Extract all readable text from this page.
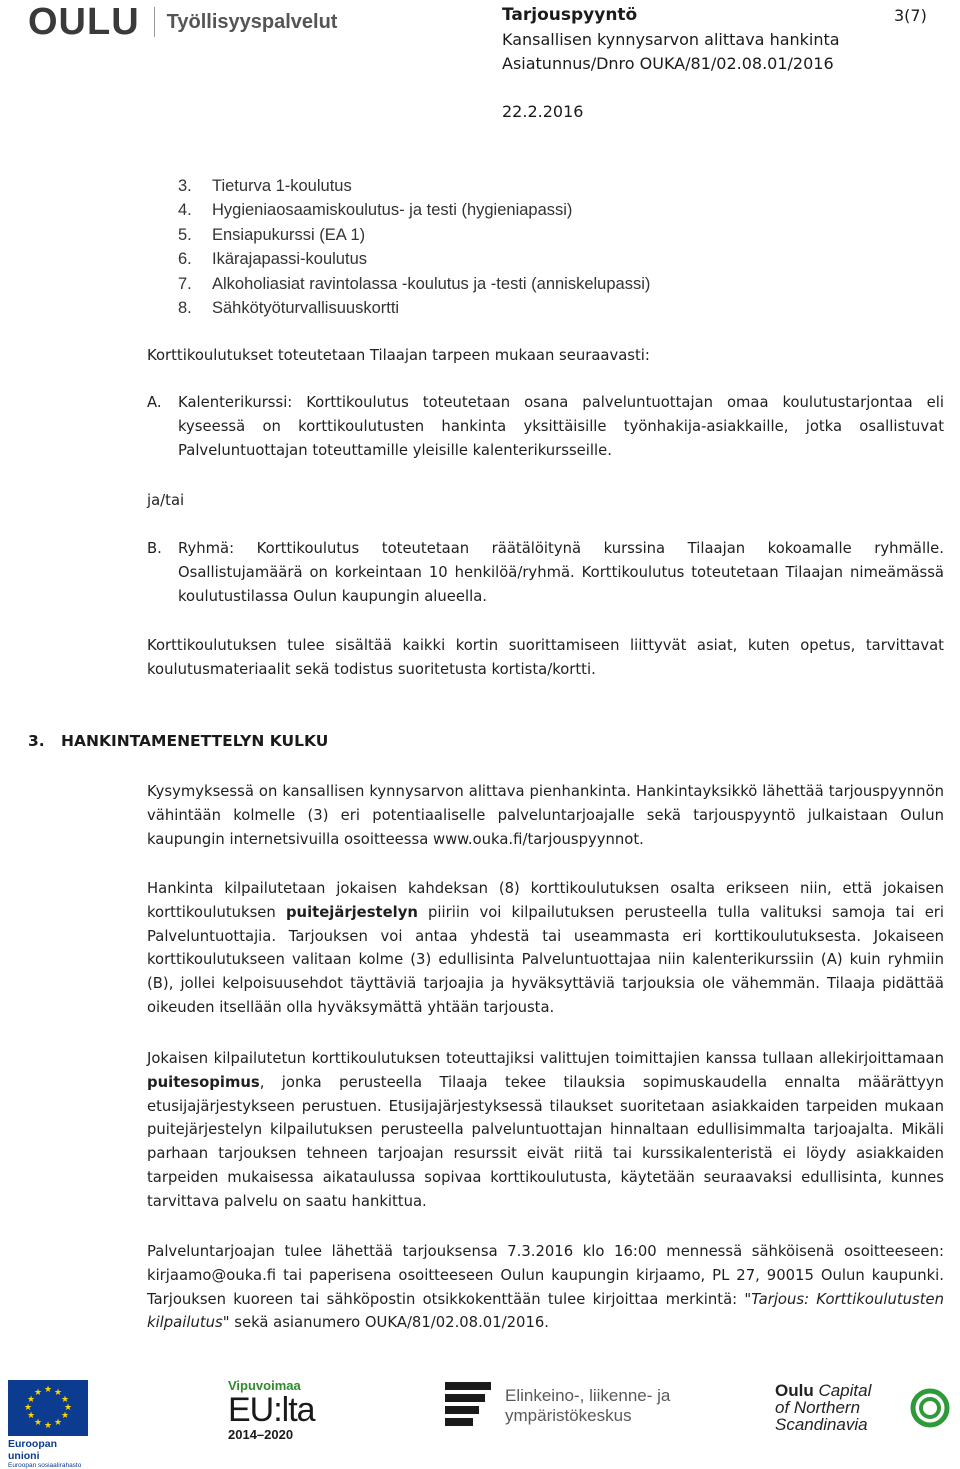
OULU Työllisyyspalvelut	Tarjouspyyntö	3(7)
Kansallisen kynnysarvon alittava hankinta
Asiatunnus/Dnro OUKA/81/02.08.01/2016
22.2.2016
3.	Tieturva 1-koulutus
4.	Hygieniaosaamiskoulutus- ja testi (hygieniapassi)
5.	Ensiapukurssi (EA 1)
6.	Ikärajapassi-koulutus
7.	Alkoholiasiat ravintolassa -koulutus ja -testi (anniskelupassi)
8.	Sähkötyöturvallisuuskortti

Korttikoulutukset toteutetaan Tilaajan tarpeen mukaan seuraavasti:

A.	Kalenterikurssi: Korttikoulutus toteutetaan osana palveluntuottajan omaa koulutustarjontaa eli kyseessä on korttikoulutusten hankinta yksittäisille työnhakija-asiakkaille, jotka osallistuvat Palveluntuottajan toteuttamille yleisille kalenterikursseille.

ja/tai

B.	Ryhmä: Korttikoulutus toteutetaan räätälöitynä kurssina Tilaajan kokoamalle ryhmälle. Osallistujamäärä on korkeintaan 10 henkilöä/ryhmä. Korttikoulutus toteutetaan Tilaajan nimeämässä koulutustilassa Oulun kaupungin alueella.

Korttikoulutuksen tulee sisältää kaikki kortin suorittamiseen liittyvät asiat, kuten opetus, tarvittavat koulutusmateriaalit sekä todistus suoritetusta kortista/kortti.

3.	HANKINTAMENETTELYN KULKU

Kysymyksessä on kansallisen kynnysarvon alittava pienhankinta. Hankintayksikkö lähettää tarjouspyynnön vähintään kolmelle (3) eri potentiaaliselle palveluntarjoajalle sekä tarjouspyyntö julkaistaan Oulun kaupungin internetsivuilla osoitteessa www.ouka.fi/tarjouspyynnot.

Hankinta kilpailutetaan jokaisen kahdeksan (8) korttikoulutuksen osalta erikseen niin, että jokaisen korttikoulutuksen puitejärjestelyn piiriin voi kilpailutuksen perusteella tulla valituksi samoja tai eri Palveluntuottajia. Tarjouksen voi antaa yhdestä tai useammasta eri korttikoulutuksesta. Jokaiseen korttikoulutukseen valitaan kolme (3) edullisinta Palveluntuottajaa niin kalenterikurssiin (A) kuin ryhmiin (B), jollei kelpoisuusehdot täyttäviä tarjoajia ja hyväksyttäviä tarjouksia ole vähemmän. Tilaaja pidättää oikeuden itsellään olla hyväksymättä yhtään tarjousta.

Jokaisen kilpailutetun korttikoulutuksen toteuttajiksi valittujen toimittajien kanssa tullaan allekirjoittamaan puitesopimus, jonka perusteella Tilaaja tekee tilauksia sopimuskaudella ennalta määrättyyn etusijajärjestykseen perustuen. Etusijajärjestyksessä tilaukset suoritetaan asiakkaiden tarpeiden mukaan puitejärjestelyn kilpailutuksen perusteella palveluntuottajan hinnaltaan edullisimmalta tarjoajalta. Mikäli parhaan tarjouksen tehneen tarjoajan resurssit eivät riitä tai kurssikalenteristä ei löydy asiakkaiden tarpeiden mukaisessa aikataulussa sopivaa korttikoulutusta, käytetään seuraavaksi edullisinta, kunnes tarvittava palvelu on saatu hankittua.

Palveluntarjoajan tulee lähettää tarjouksensa 7.3.2016 klo 16:00 mennessä sähköisenä osoitteeseen: kirjaamo@ouka.fi tai paperisena osoitteeseen Oulun kaupungin kirjaamo, PL 27, 90015 Oulun kaupunki. Tarjouksen kuoreen tai sähköpostin otsikkokenttään tulee kirjoittaa merkintä: "Tarjous: Korttikoulutusten kilpailutus" sekä asianumero OUKA/81/02.08.01/2016.

★ ★
★
★
★
★
★
★
★
★
★
★
Euroopan unioni
Euroopan sosiaalirahasto
Vipuvoimaa
EU:lta
2014–2020
Elinkeino-, liikenne- ja
ympäristökeskus
Oulu Capital
of Northern
Scandinavia
